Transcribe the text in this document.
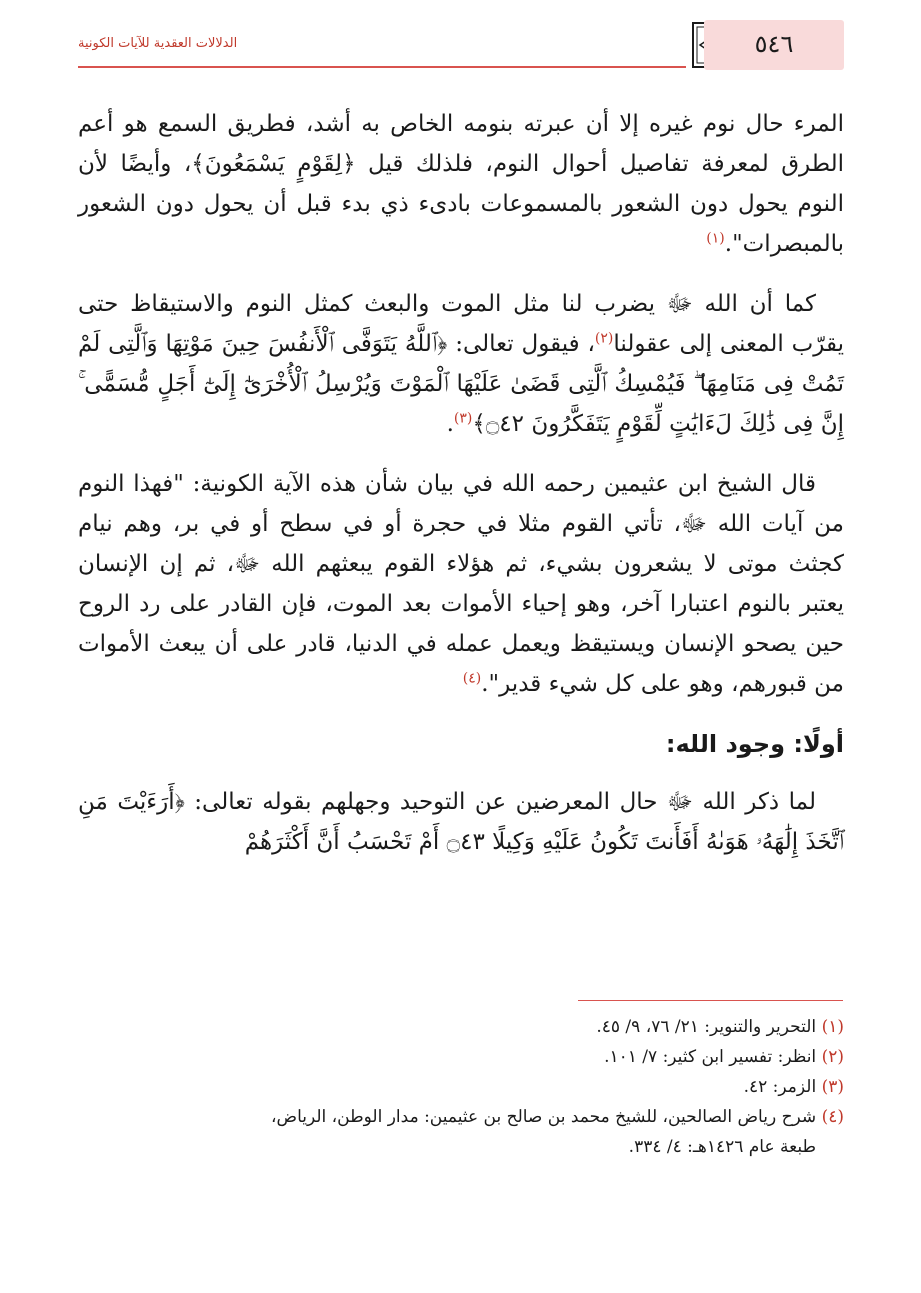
الدلالات العقدية للآيات الكونية	٥٤٦

المرء حال نوم غيره إلا أن عبرته بنومه الخاص به أشد، فطريق السمع هو أعم الطرق لمعرفة تفاصيل أحوال النوم، فلذلك قيل ﴿لِقَوْمٍ يَسْمَعُونَ﴾، وأيضًا لأن النوم يحول دون الشعور بالمسموعات بادىء ذي بدء قبل أن يحول دون الشعور بالمبصرات".$^{(١)}$

كما أن الله ﷻ يضرب لنا مثل الموت والبعث كمثل النوم والاستيقاظ حتى يقرّب المعنى إلى عقولنا$^{(٢)}$، فيقول تعالى: ﴿ٱللَّهُ يَتَوَفَّى ٱلْأَنفُسَ حِينَ مَوْتِهَا وَٱلَّتِى لَمْ تَمُتْ فِى مَنَامِهَا ۖ فَيُمْسِكُ ٱلَّتِى قَضَىٰ عَلَيْهَا ٱلْمَوْتَ وَيُرْسِلُ ٱلْأُخْرَىٰٓ إِلَىٰٓ أَجَلٍ مُّسَمًّى ۚ إِنَّ فِى ذَٰلِكَ لَءَايَٰتٍ لِّقَوْمٍ يَتَفَكَّرُونَ ۝٤٢﴾$^{(٣)}$.

قال الشيخ ابن عثيمين رحمه الله في بيان شأن هذه الآية الكونية: "فهذا النوم من آيات الله ﷻ، تأتي القوم مثلا في حجرة أو في سطح أو في بر، وهم نيام كجثث موتى لا يشعرون بشيء، ثم هؤلاء القوم يبعثهم الله ﷻ، ثم إن الإنسان يعتبر بالنوم اعتبارا آخر، وهو إحياء الأموات بعد الموت، فإن القادر على رد الروح حين يصحو الإنسان ويستيقظ ويعمل عمله في الدنيا، قادر على أن يبعث الأموات من قبورهم، وهو على كل شيء قدير".$^{(٤)}$

أولًا: وجود الله:

لما ذكر الله ﷻ حال المعرضين عن التوحيد وجهلهم بقوله تعالى: ﴿أَرَءَيْتَ مَنِ ٱتَّخَذَ إِلَٰهَهُۥ هَوَىٰهُ أَفَأَنتَ تَكُونُ عَلَيْهِ وَكِيلًا ۝٤٣ أَمْ تَحْسَبُ أَنَّ أَكْثَرَهُمْ

(١) التحرير والتنوير: ٢١/ ٧٦، ٩/ ٤٥.

(٢) انظر: تفسير ابن كثير: ٧/ ١٠١.

(٣) الزمر: ٤٢.

(٤) شرح رياض الصالحين، للشيخ محمد بن صالح بن عثيمين: مدار الوطن، الرياض،

طبعة عام ١٤٢٦هـ: ٤/ ٣٣٤.
